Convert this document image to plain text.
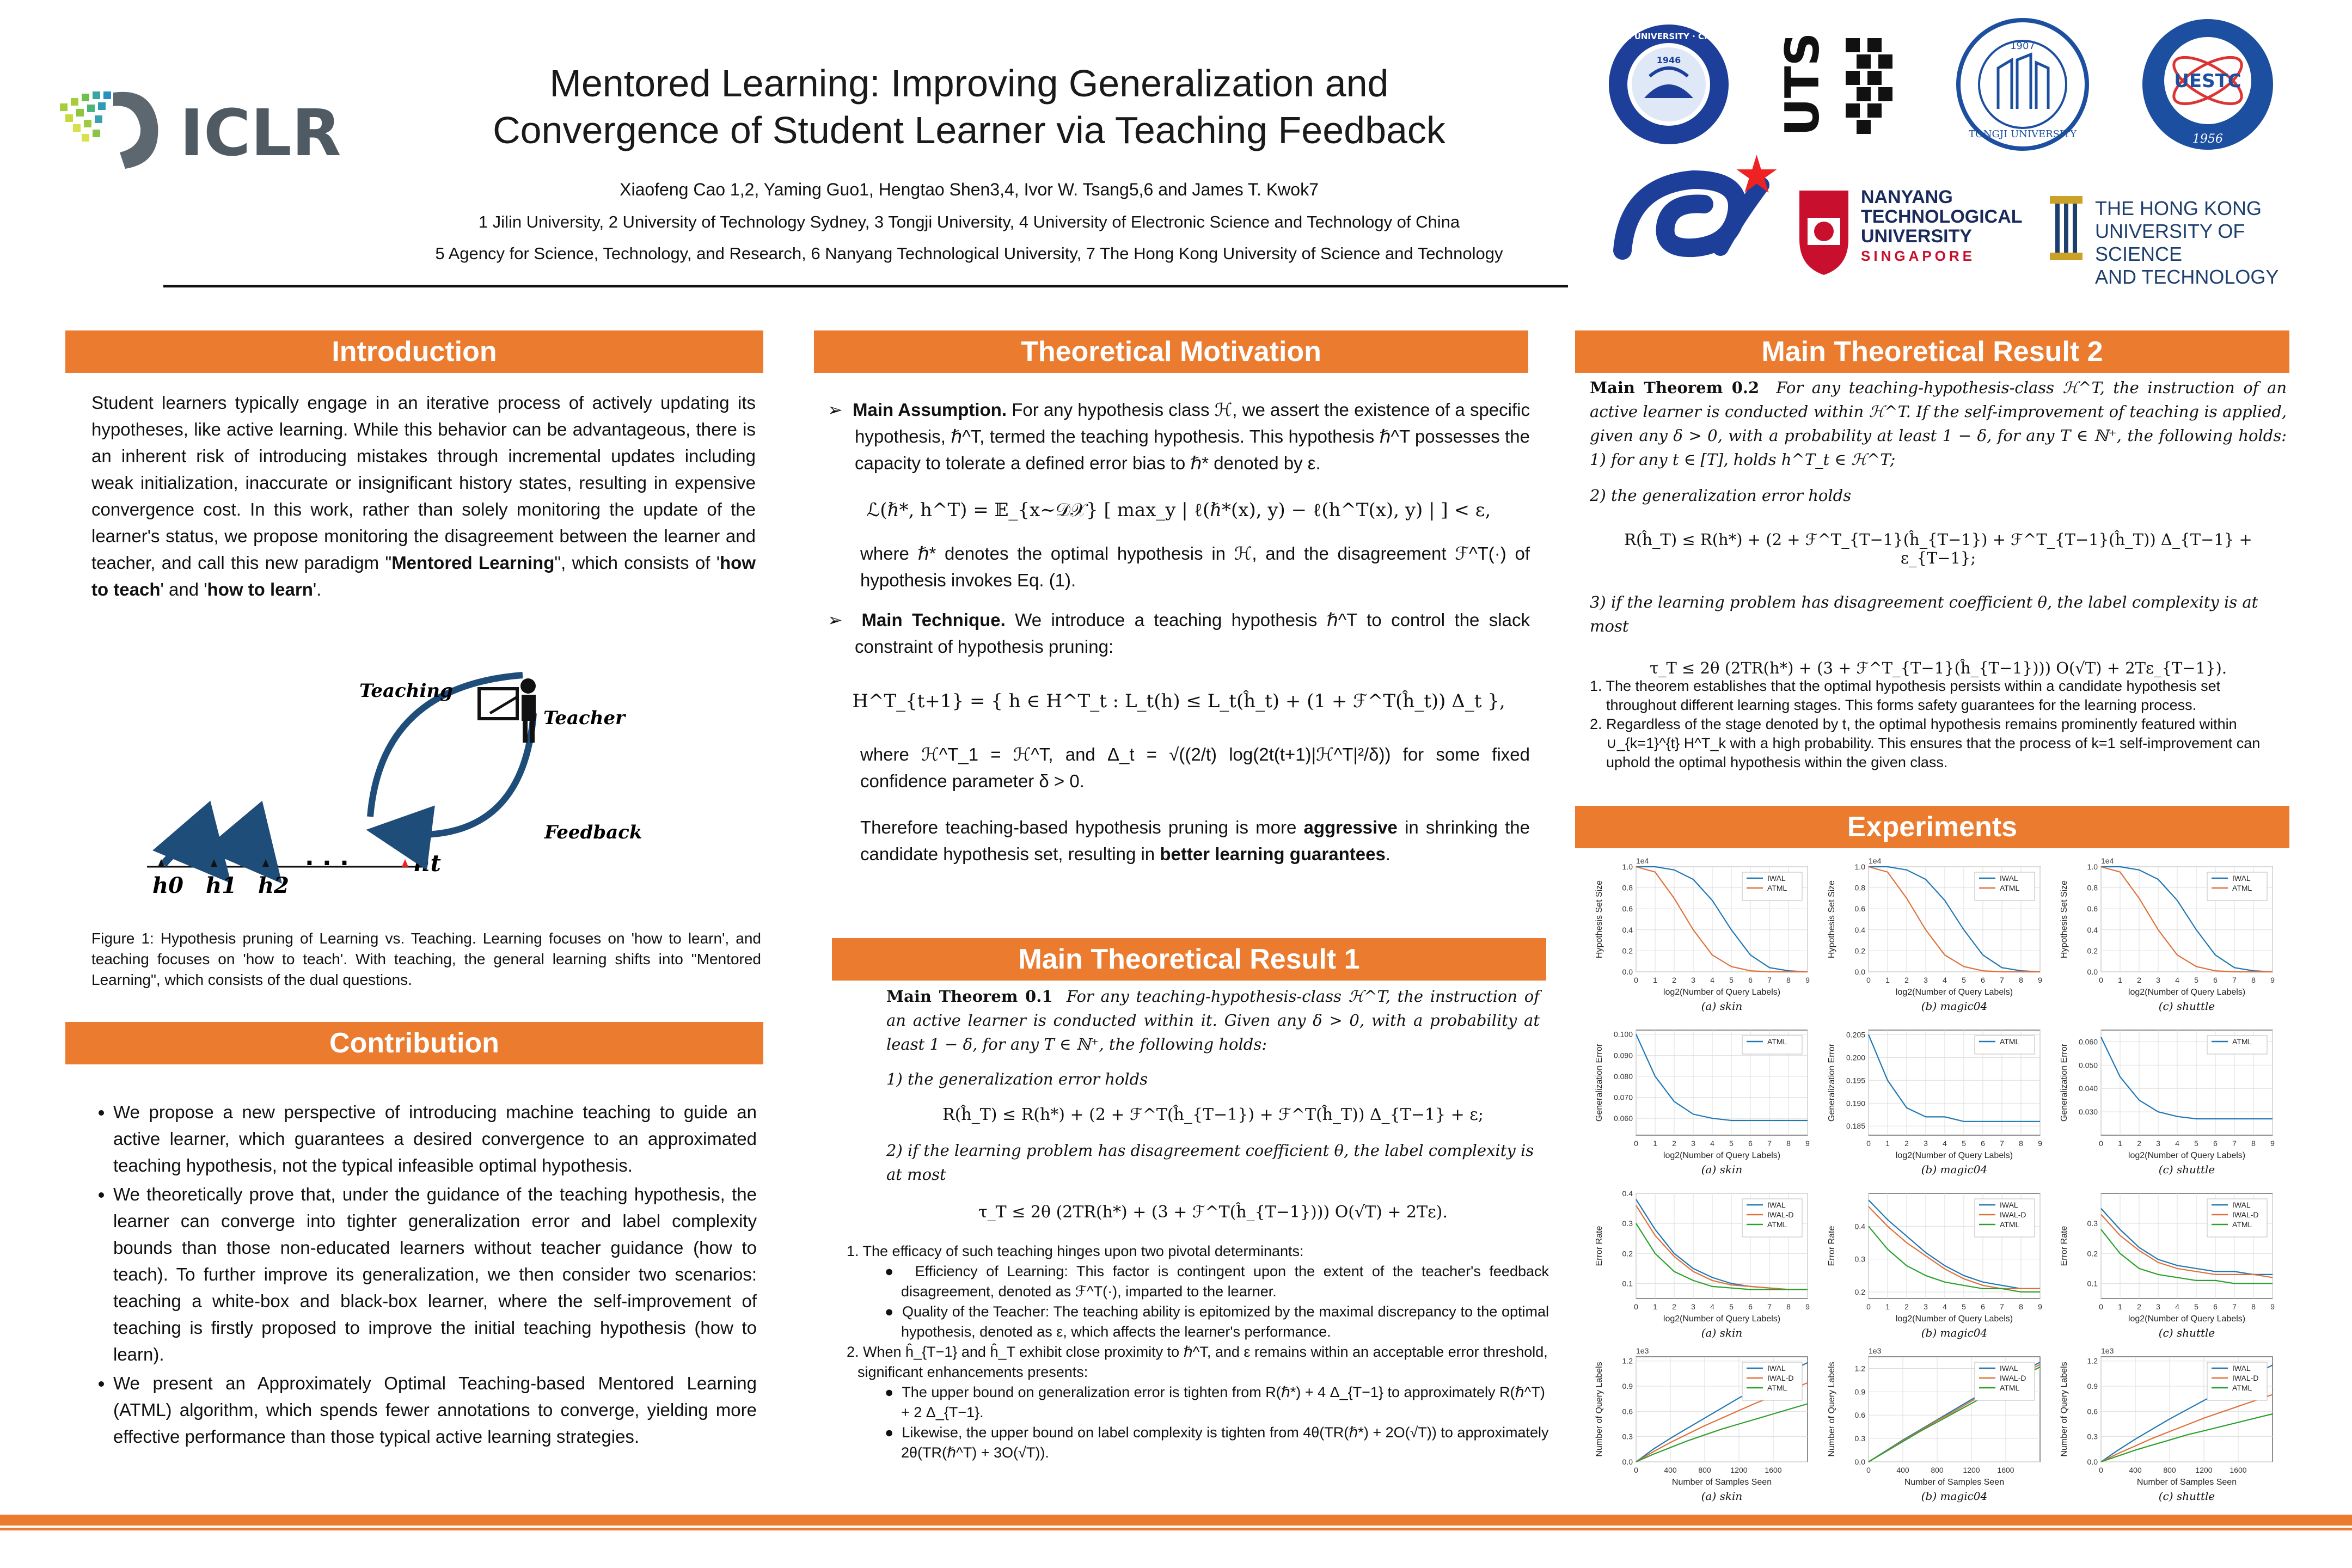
ICLR
Mentored Learning: Improving Generalization and
Convergence of Student Learner via Teaching Feedback
Xiaofeng Cao 1,2, Yaming Guo1, Hengtao Shen3,4, Ivor W. Tsang5,6 and James T. Kwok7
1 Jilin University, 2 University of Technology Sydney, 3 Tongji University, 4 University of Electronic Science and Technology of China
5 Agency for Science, Technology, and Research, 6 Nanyang Technological University, 7 The Hong Kong University of Science and Technology
1946
JILIN UNIVERSITY · CHINA UTS	1907
TONGJI UNIVERSITY
UESTC
1956
NANYANG
TECHNOLOGICAL
UNIVERSITY
SINGAPORE
THE HONG KONG
UNIVERSITY OF SCIENCE
AND TECHNOLOGY
Introduction
Student learners typically engage in an iterative process of actively updating its hypotheses, like active learning. While this behavior can be advantageous, there is an inherent risk of introducing mistakes through incremental updates including weak initialization, inaccurate or insignificant history states, resulting in expensive convergence cost. In this work, rather than solely monitoring the update of the learner's status, we propose monitoring the disagreement between the learner and teacher, and call this new paradigm "Mentored Learning", which consists of 'how to teach' and 'how to learn'.
h0 h1 h2
· · ·	ht
Teaching
Teacher
Feedback
Figure 1: Hypothesis pruning of Learning vs. Teaching. Learning focuses on 'how to learn', and teaching focuses on 'how to teach'. With teaching, the general learning shifts into "Mentored Learning", which consists of the dual questions.
Contribution
• We propose a new perspective of introducing machine teaching to guide an active learner, which guarantees a desired convergence to an approximated teaching hypothesis, not the typical infeasible optimal hypothesis.
• We theoretically prove that, under the guidance of the teaching hypothesis, the learner can converge into tighter generalization error and label complexity bounds than those non-educated learners without teacher guidance (how to teach). To further improve its generalization, we then consider two scenarios: teaching a white-box and black-box learner, where the self-improvement of teaching is firstly proposed to improve the initial teaching hypothesis (how to learn).
• We present an Approximately Optimal Teaching-based Mentored Learning (ATML) algorithm, which spends fewer annotations to converge, yielding more effective performance than those typical active learning strategies.
Theoretical Motivation
➢  Main Assumption. For any hypothesis class ℋ, we assert the existence of a specific hypothesis, ℏ^T, termed the teaching hypothesis. This hypothesis ℏ^T possesses the capacity to tolerate a defined error bias to ℏ* denoted by ε.
ℒ(ℏ*, h^T) = 𝔼_{x∼𝒟𝒳} [ max_y | ℓ(ℏ*(x), y) − ℓ(h^T(x), y) | ] < ε,
where ℏ* denotes the optimal hypothesis in ℋ, and the disagreement ℱ^T(·) of hypothesis invokes Eq. (1).
➢  Main Technique. We introduce a teaching hypothesis ℏ^T to control the slack constraint of hypothesis pruning:
H^T_{t+1} = { h ∈ H^T_t : L_t(h) ≤ L_t(ĥ_t) + (1 + ℱ^T(ĥ_t)) Δ_t },
where ℋ^T_1 = ℋ^T, and Δ_t = √((2/t) log(2t(t+1)|ℋ^T|²/δ)) for some fixed confidence parameter δ > 0.
Therefore teaching-based hypothesis pruning is more aggressive in shrinking the candidate hypothesis set, resulting in better learning guarantees.
Main Theoretical Result 1
Main Theorem 0.1 For any teaching-hypothesis-class ℋ^T, the instruction of an active learner is conducted within it. Given any δ > 0, with a probability at least 1 − δ, for any T ∈ ℕ⁺, the following holds:
1) the generalization error holds
R(ĥ_T) ≤ R(h*) + (2 + ℱ^T(ĥ_{T−1}) + ℱ^T(ĥ_T)) Δ_{T−1} + ε;
2) if the learning problem has disagreement coefficient θ, the label complexity is at most
τ_T ≤ 2θ (2TR(h*) + (3 + ℱ^T(ĥ_{T−1}))) O(√T) + 2Tε).
1. The efficacy of such teaching hinges upon two pivotal determinants:
●  Efficiency of Learning: This factor is contingent upon the extent of the teacher's feedback disagreement, denoted as ℱ^T(·), imparted to the learner.
●  Quality of the Teacher: The teaching ability is epitomized by the maximal discrepancy to the optimal hypothesis, denoted as ε, which affects the learner's performance.
2. When ĥ_{T−1} and ĥ_T exhibit close proximity to ℏ^T, and ε remains within an acceptable error threshold, significant enhancements presents:
●  The upper bound on generalization error is tighten from R(ℏ*) + 4 Δ_{T−1} to approximately R(ℏ^T) + 2 Δ_{T−1}.
●  Likewise, the upper bound on label complexity is tighten from 4θ(TR(ℏ*) + 2O(√T)) to approximately 2θ(TR(ℏ^T) + 3O(√T)).
Main Theoretical Result 2
Main Theorem 0.2 For any teaching-hypothesis-class ℋ^T, the instruction of an active learner is conducted within ℋ^T. If the self-improvement of teaching is applied, given any δ > 0, with a probability at least 1 − δ, for any T ∈ ℕ⁺, the following holds: 1) for any t ∈ [T], holds h^T_t ∈ ℋ^T;
2) the generalization error holds
R(ĥ_T) ≤ R(h*) + (2 + ℱ^T_{T−1}(ĥ_{T−1}) + ℱ^T_{T−1}(ĥ_T)) Δ_{T−1} + ε_{T−1};
3) if the learning problem has disagreement coefficient θ, the label complexity is at most
τ_T ≤ 2θ (2TR(h*) + (3 + ℱ^T_{T−1}(ĥ_{T−1}))) O(√T) + 2Tε_{T−1}).
1. The theorem establishes that the optimal hypothesis persists within a candidate hypothesis set throughout different learning stages. This forms safety guarantees for the learning process.
2. Regardless of the stage denoted by t, the optimal hypothesis remains prominently featured within ∪_{k=1}^{t} H^T_k with a high probability. This ensures that the process of k=1 self-improvement can uphold the optimal hypothesis within the given class.
Experiments
0.0
0.2
0.4
0.6
0.8
1.0
0 1 2 3 4 5 6 7 8 9
1e4
IWAL
ATML
Hypothesis Set Size
log2(Number of Query Labels)
(a) skin
0.0
0.2
0.4
0.6
0.8
1.0
0 1 2 3 4 5 6 7 8 9
1e4
IWAL
ATML
Hypothesis Set Size
log2(Number of Query Labels)
(b) magic04
0.0
0.2
0.4
0.6
0.8
1.0
0 1 2 3 4 5 6 7 8 9
1e4
IWAL
ATML
Hypothesis Set Size
log2(Number of Query Labels)
(c) shuttle
0.060
0.070
0.080
0.090
0.100
0 1 2 3 4 5 6 7 8 9
ATML
Generalization Error
log2(Number of Query Labels)
(a) skin
0.185
0.190
0.195
0.200
0.205
0 1 2 3 4 5 6 7 8 9
ATML
Generalization Error
log2(Number of Query Labels)
(b) magic04
0.030
0.040
0.050
0.060
0 1 2 3 4 5 6 7 8 9
ATML
Generalization Error
log2(Number of Query Labels)
(c) shuttle
0.1
0.2
0.3
0.4
0 1 2 3 4 5 6 7 8 9
IWAL
IWAL-D
ATML
Error Rate
log2(Number of Query Labels)
(a) skin
0.2
0.3
0.4
0 1 2 3 4 5 6 7 8 9
IWAL
IWAL-D
ATML
Error Rate
log2(Number of Query Labels)
(b) magic04
0.1
0.2
0.3
0 1 2 3 4 5 6 7 8 9
IWAL
IWAL-D
ATML
Error Rate
log2(Number of Query Labels)
(c) shuttle
0.0
0.3
0.6
0.9
1.2
0	400	800	1200 1600
1e3
IWAL
IWAL-D
ATML
Number of Query Labels
Number of Samples Seen
(a) skin
0.0
0.3
0.6
0.9
1.2
0	400	800	1200 1600
1e3
IWAL
IWAL-D
ATML
Number of Query Labels
Number of Samples Seen
(b) magic04
0.0
0.3
0.6
0.9
1.2
0	400	800	1200 1600
1e3
IWAL
IWAL-D
ATML
Number of Query Labels
Number of Samples Seen
(c) shuttle
